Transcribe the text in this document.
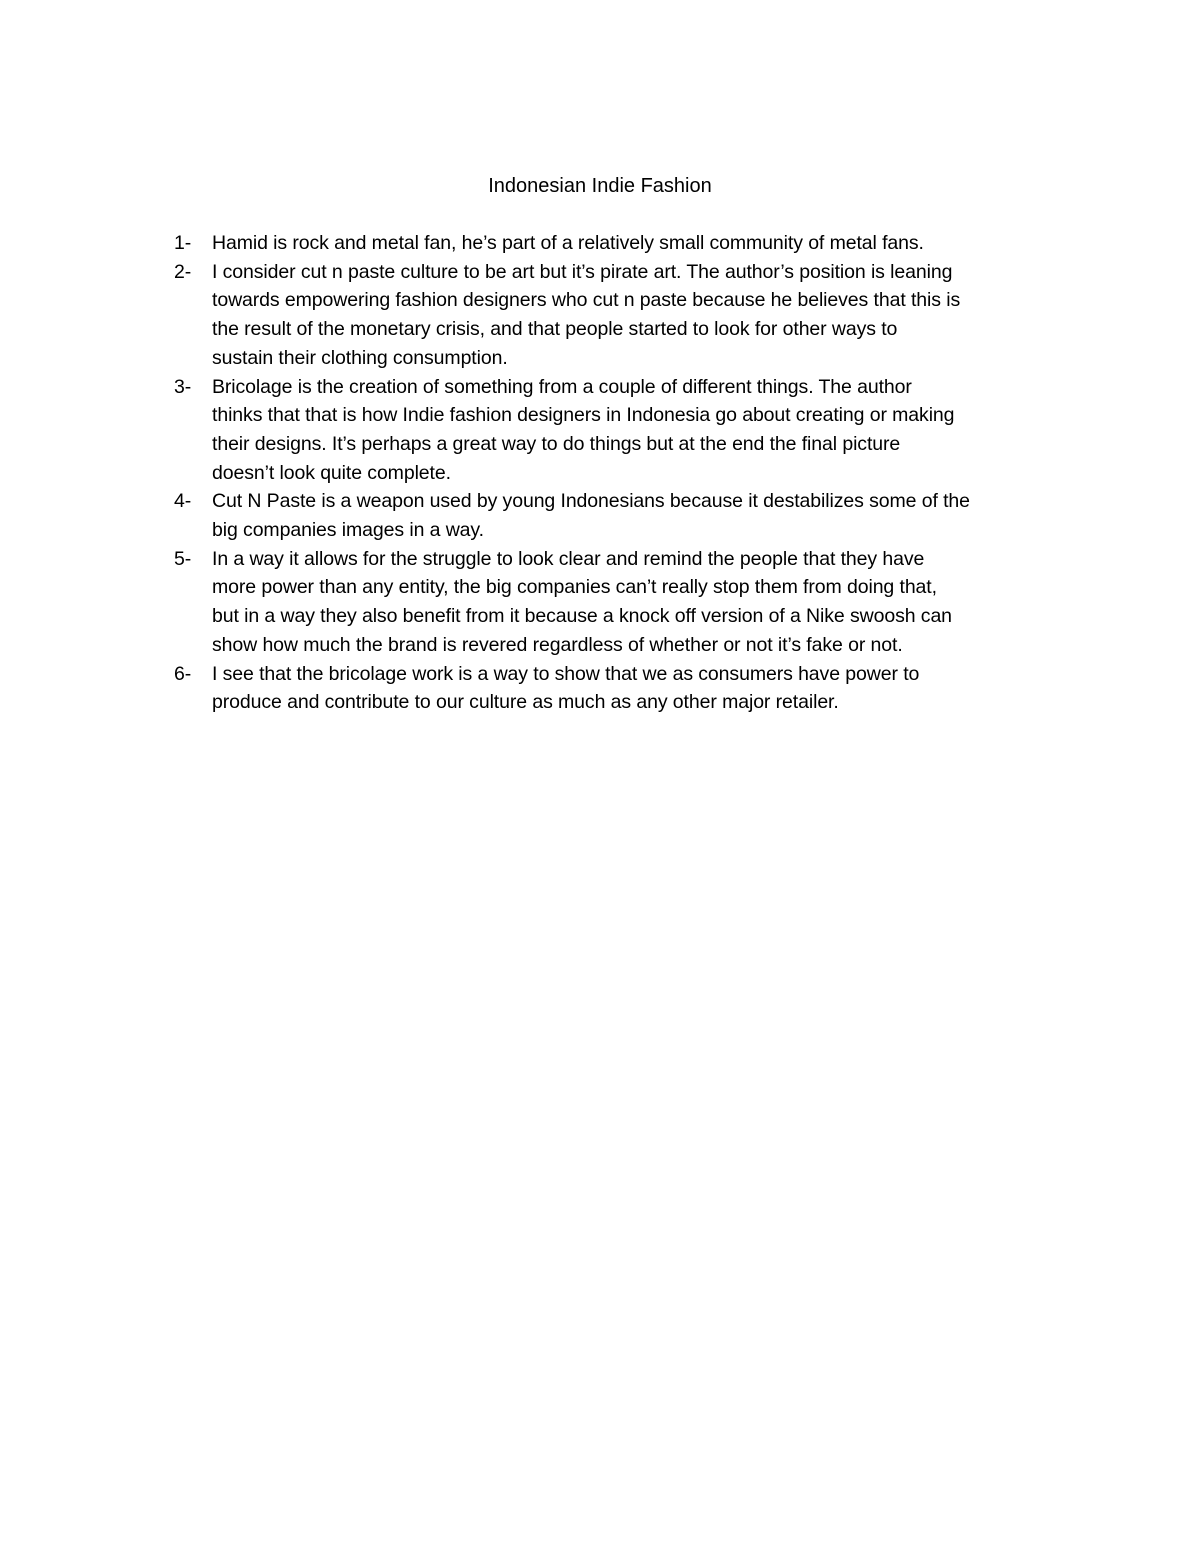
Indonesian Indie Fashion
1-	Hamid is rock and metal fan, he’s part of a relatively small community of metal fans.
2-	I consider cut n paste culture to be art but it’s pirate art. The author’s position is leaning
towards empowering fashion designers who cut n paste because he believes that this is
the result of the monetary crisis, and that people started to look for other ways to
sustain their clothing consumption.
3-	Bricolage is the creation of something from a couple of different things. The author
thinks that that is how Indie fashion designers in Indonesia go about creating or making
their designs. It’s perhaps a great way to do things but at the end the final picture
doesn’t look quite complete.
4-	Cut N Paste is a weapon used by young Indonesians because it destabilizes some of the
big companies images in a way.
5-	In a way it allows for the struggle to look clear and remind the people that they have
more power than any entity, the big companies can’t really stop them from doing that,
but in a way they also benefit from it because a knock off version of a Nike swoosh can
show how much the brand is revered regardless of whether or not it’s fake or not.
6-	I see that the bricolage work is a way to show that we as consumers have power to
produce and contribute to our culture as much as any other major retailer.
